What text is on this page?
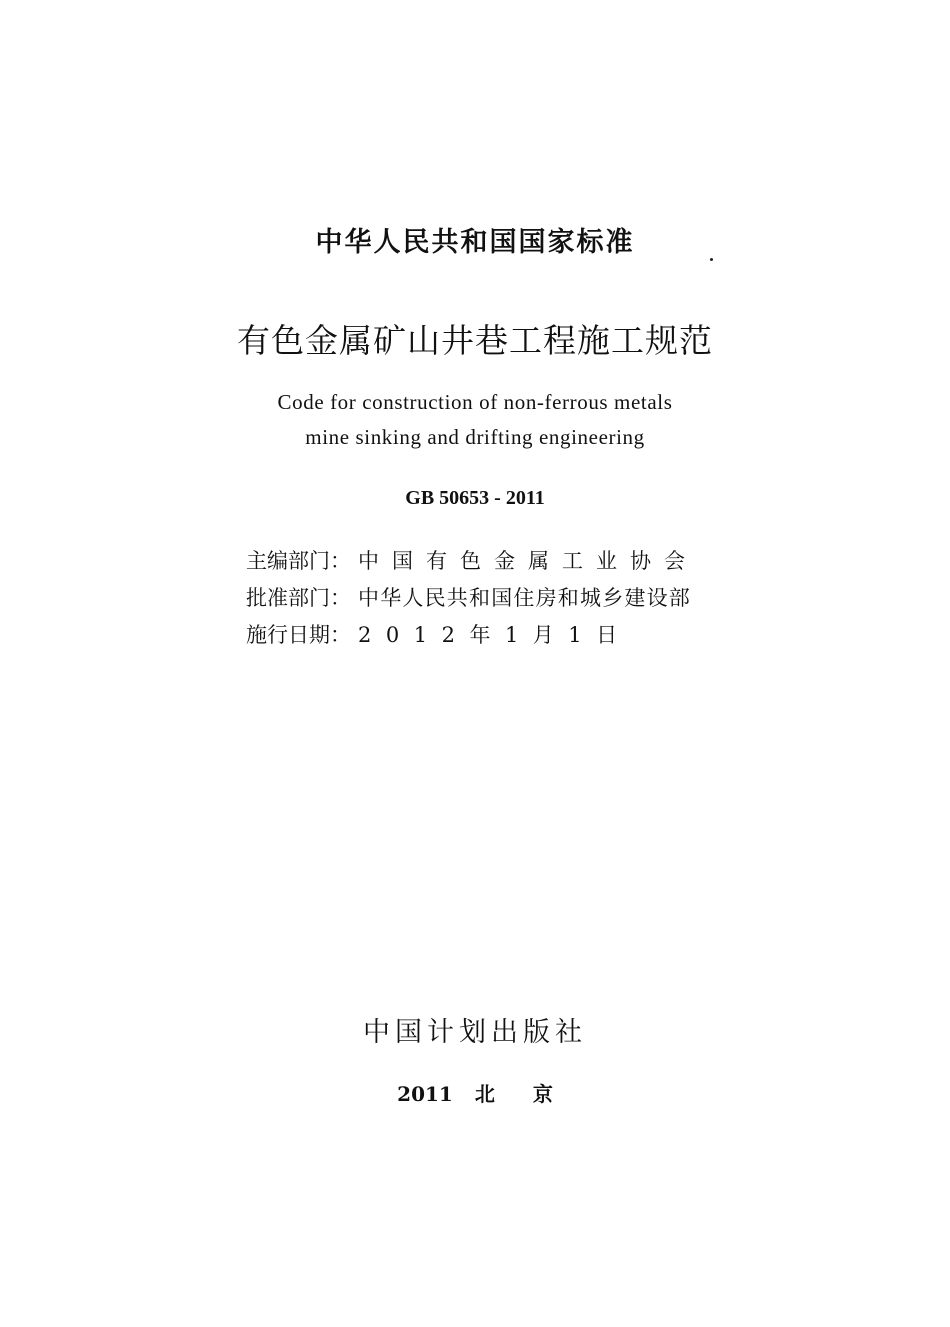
中华人民共和国国家标准
有色金属矿山井巷工程施工规范
Code for construction of non-ferrous metals
mine sinking and drifting engineering
GB 50653 - 2011
主编部门： 中国有色金属工业协会
批准部门： 中华人民共和国住房和城乡建设部
施行日期： 2012年1月1日
中国计划出版社
2011 北京
